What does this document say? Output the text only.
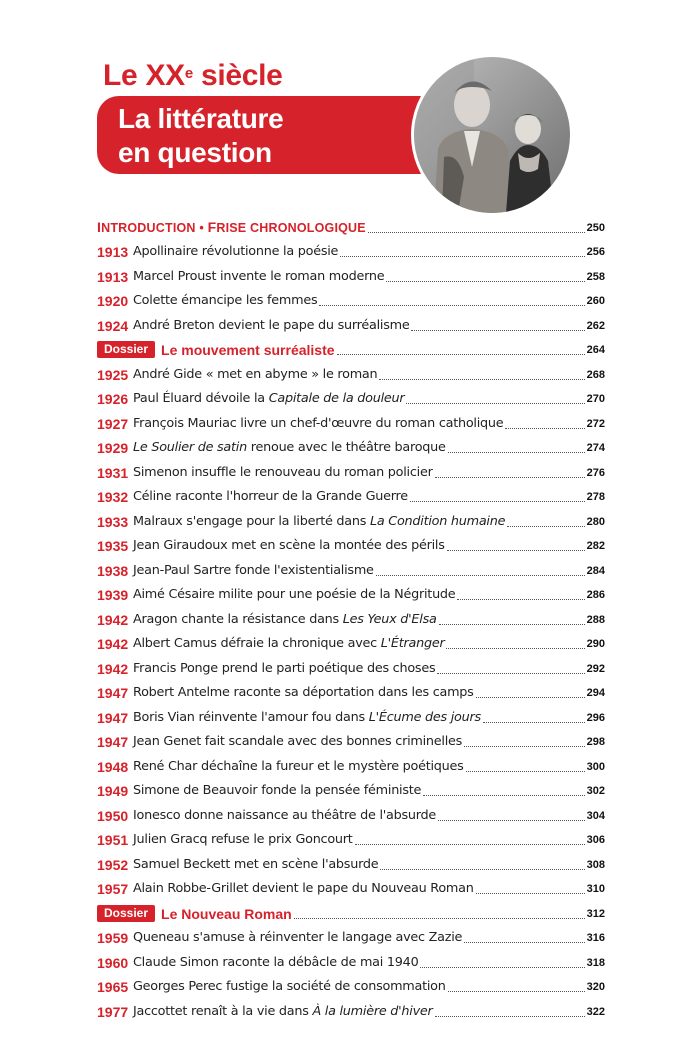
Le XXe siècle
La littérature
en question
INTRODUCTION • FRISE CHRONOLOGIQUE	250
1913 Apollinaire révolutionne la poésie	256
1913 Marcel Proust invente le roman moderne	258
1920 Colette émancipe les femmes	260
1924 André Breton devient le pape du surréalisme	262
Dossier Le mouvement surréaliste	264
1925 André Gide « met en abyme » le roman	268
1926 Paul Éluard dévoile la Capitale de la douleur	270
1927 François Mauriac livre un chef-d'œuvre du roman catholique	272
1929 Le Soulier de satin renoue avec le théâtre baroque	274
1931 Simenon insuffle le renouveau du roman policier	276
1932 Céline raconte l'horreur de la Grande Guerre	278
1933 Malraux s'engage pour la liberté dans La Condition humaine	280
1935 Jean Giraudoux met en scène la montée des périls	282
1938 Jean-Paul Sartre fonde l'existentialisme	284
1939 Aimé Césaire milite pour une poésie de la Négritude	286
1942 Aragon chante la résistance dans Les Yeux d'Elsa	288
1942 Albert Camus défraie la chronique avec L'Étranger	290
1942 Francis Ponge prend le parti poétique des choses	292
1947 Robert Antelme raconte sa déportation dans les camps	294
1947 Boris Vian réinvente l'amour fou dans L'Écume des jours	296
1947 Jean Genet fait scandale avec des bonnes criminelles	298
1948 René Char déchaîne la fureur et le mystère poétiques	300
1949 Simone de Beauvoir fonde la pensée féministe	302
1950 Ionesco donne naissance au théâtre de l'absurde	304
1951 Julien Gracq refuse le prix Goncourt	306
1952 Samuel Beckett met en scène l'absurde	308
1957 Alain Robbe-Grillet devient le pape du Nouveau Roman	310
Dossier Le Nouveau Roman	312
1959 Queneau s'amuse à réinventer le langage avec Zazie	316
1960 Claude Simon raconte la débâcle de mai 1940	318
1965 Georges Perec fustige la société de consommation	320
1977 Jaccottet renaît à la vie dans À la lumière d'hiver	322
